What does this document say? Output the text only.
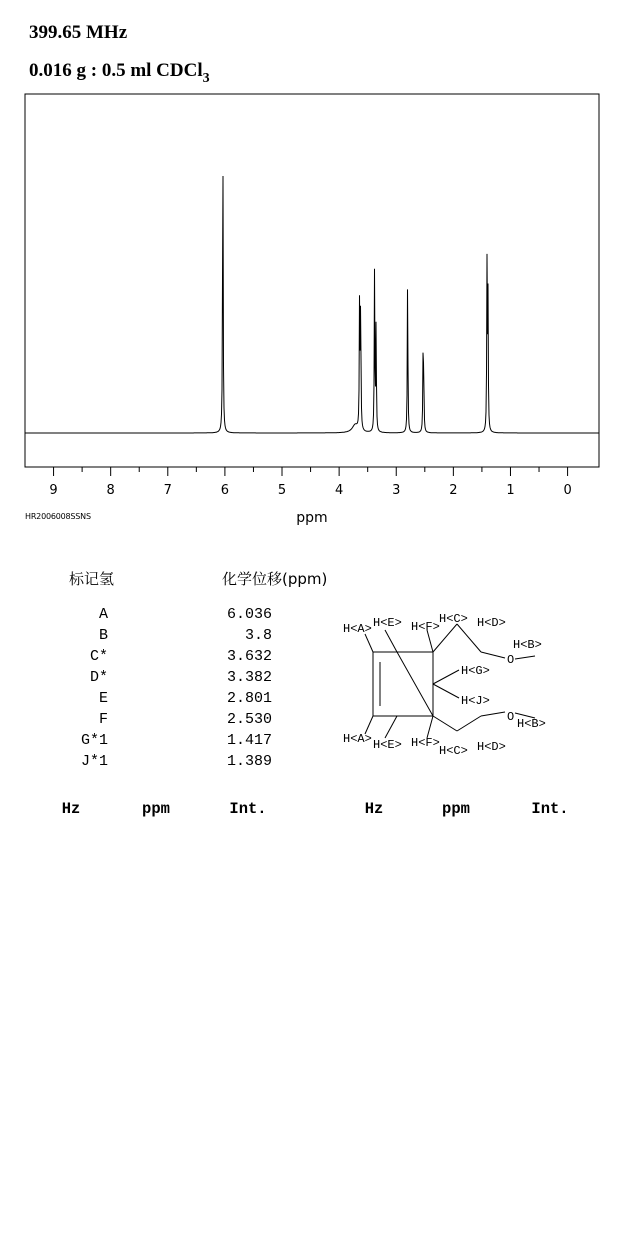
399.65 MHz
0.016 g : 0.5 ml CDCl$_3$
9	8	7	6	5	4	3	2	1	0
ppm
HR2006008SSNS
标记氢	化学位移(ppm)
A	6.036
B	3.8
C*	3.632
D*	3.382
E	2.801
F	2.530
G*1	1.417
J*1	1.389
H<A> H<E> H<F>
H<C> H<D>
O
H<B>
H<G>
H<J>
H<A> H<E> H<F>
H<C> H<D>
O H<B>
Hz	ppm	Int.	Hz	ppm	Int.
